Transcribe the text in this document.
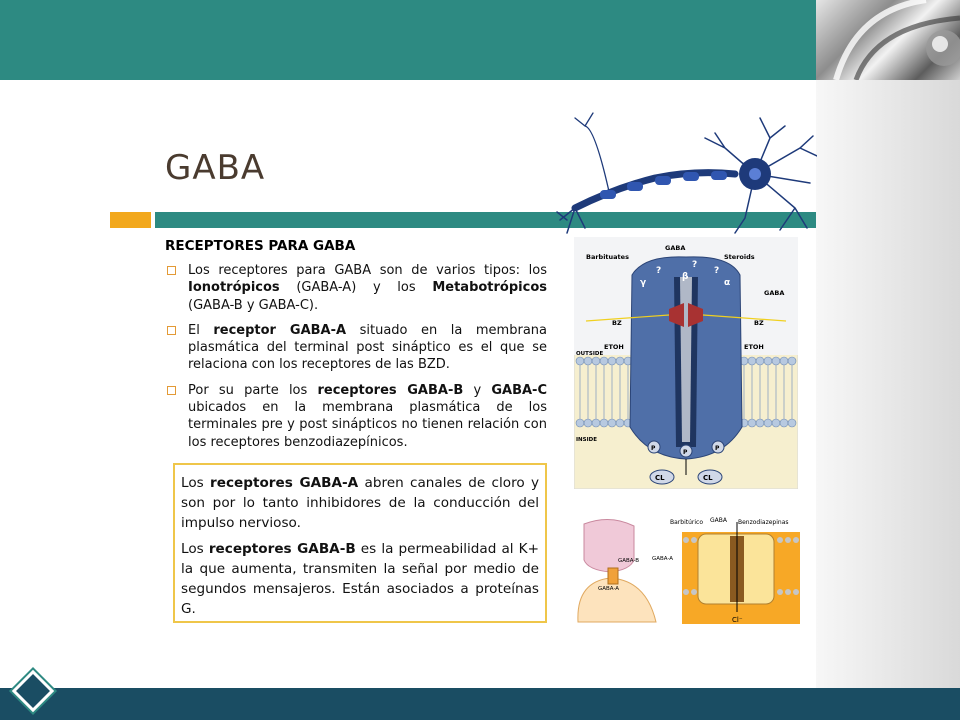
GABA
RECEPTORES PARA GABA
Los receptores para GABA son de varios tipos: los Ionotrópicos (GABA-A) y los Metabotrópicos (GABA-B y GABA-C).
El receptor GABA-A situado en la membrana plasmática del terminal post sináptico es el que se relaciona con los receptores de las BZD.
Por su parte los receptores GABA-B y GABA-C ubicados en la membrana plasmática de los terminales pre y post sinápticos no tienen relación con los receptores benzodiazepínicos.

Los receptores GABA-A abren canales de cloro y son por lo tanto inhibidores de la conducción del impulso nervioso.

Los receptores GABA-B es la permeabilidad al K+ la que aumenta, transmiten la señal por medio de segundos mensajeros. Están asociados a proteínas G.

GABA
Barbituates	Steroids
GABA
BZ	BZ
ETOH	ETOH
OUTSIDE
INSIDE
γ
β
α
?
?
?
P
P
P
CL	CL
Barbitúrico GABA Benzodiazepinas
GABA-B
GABA-A
GABA-A
Cl⁻
